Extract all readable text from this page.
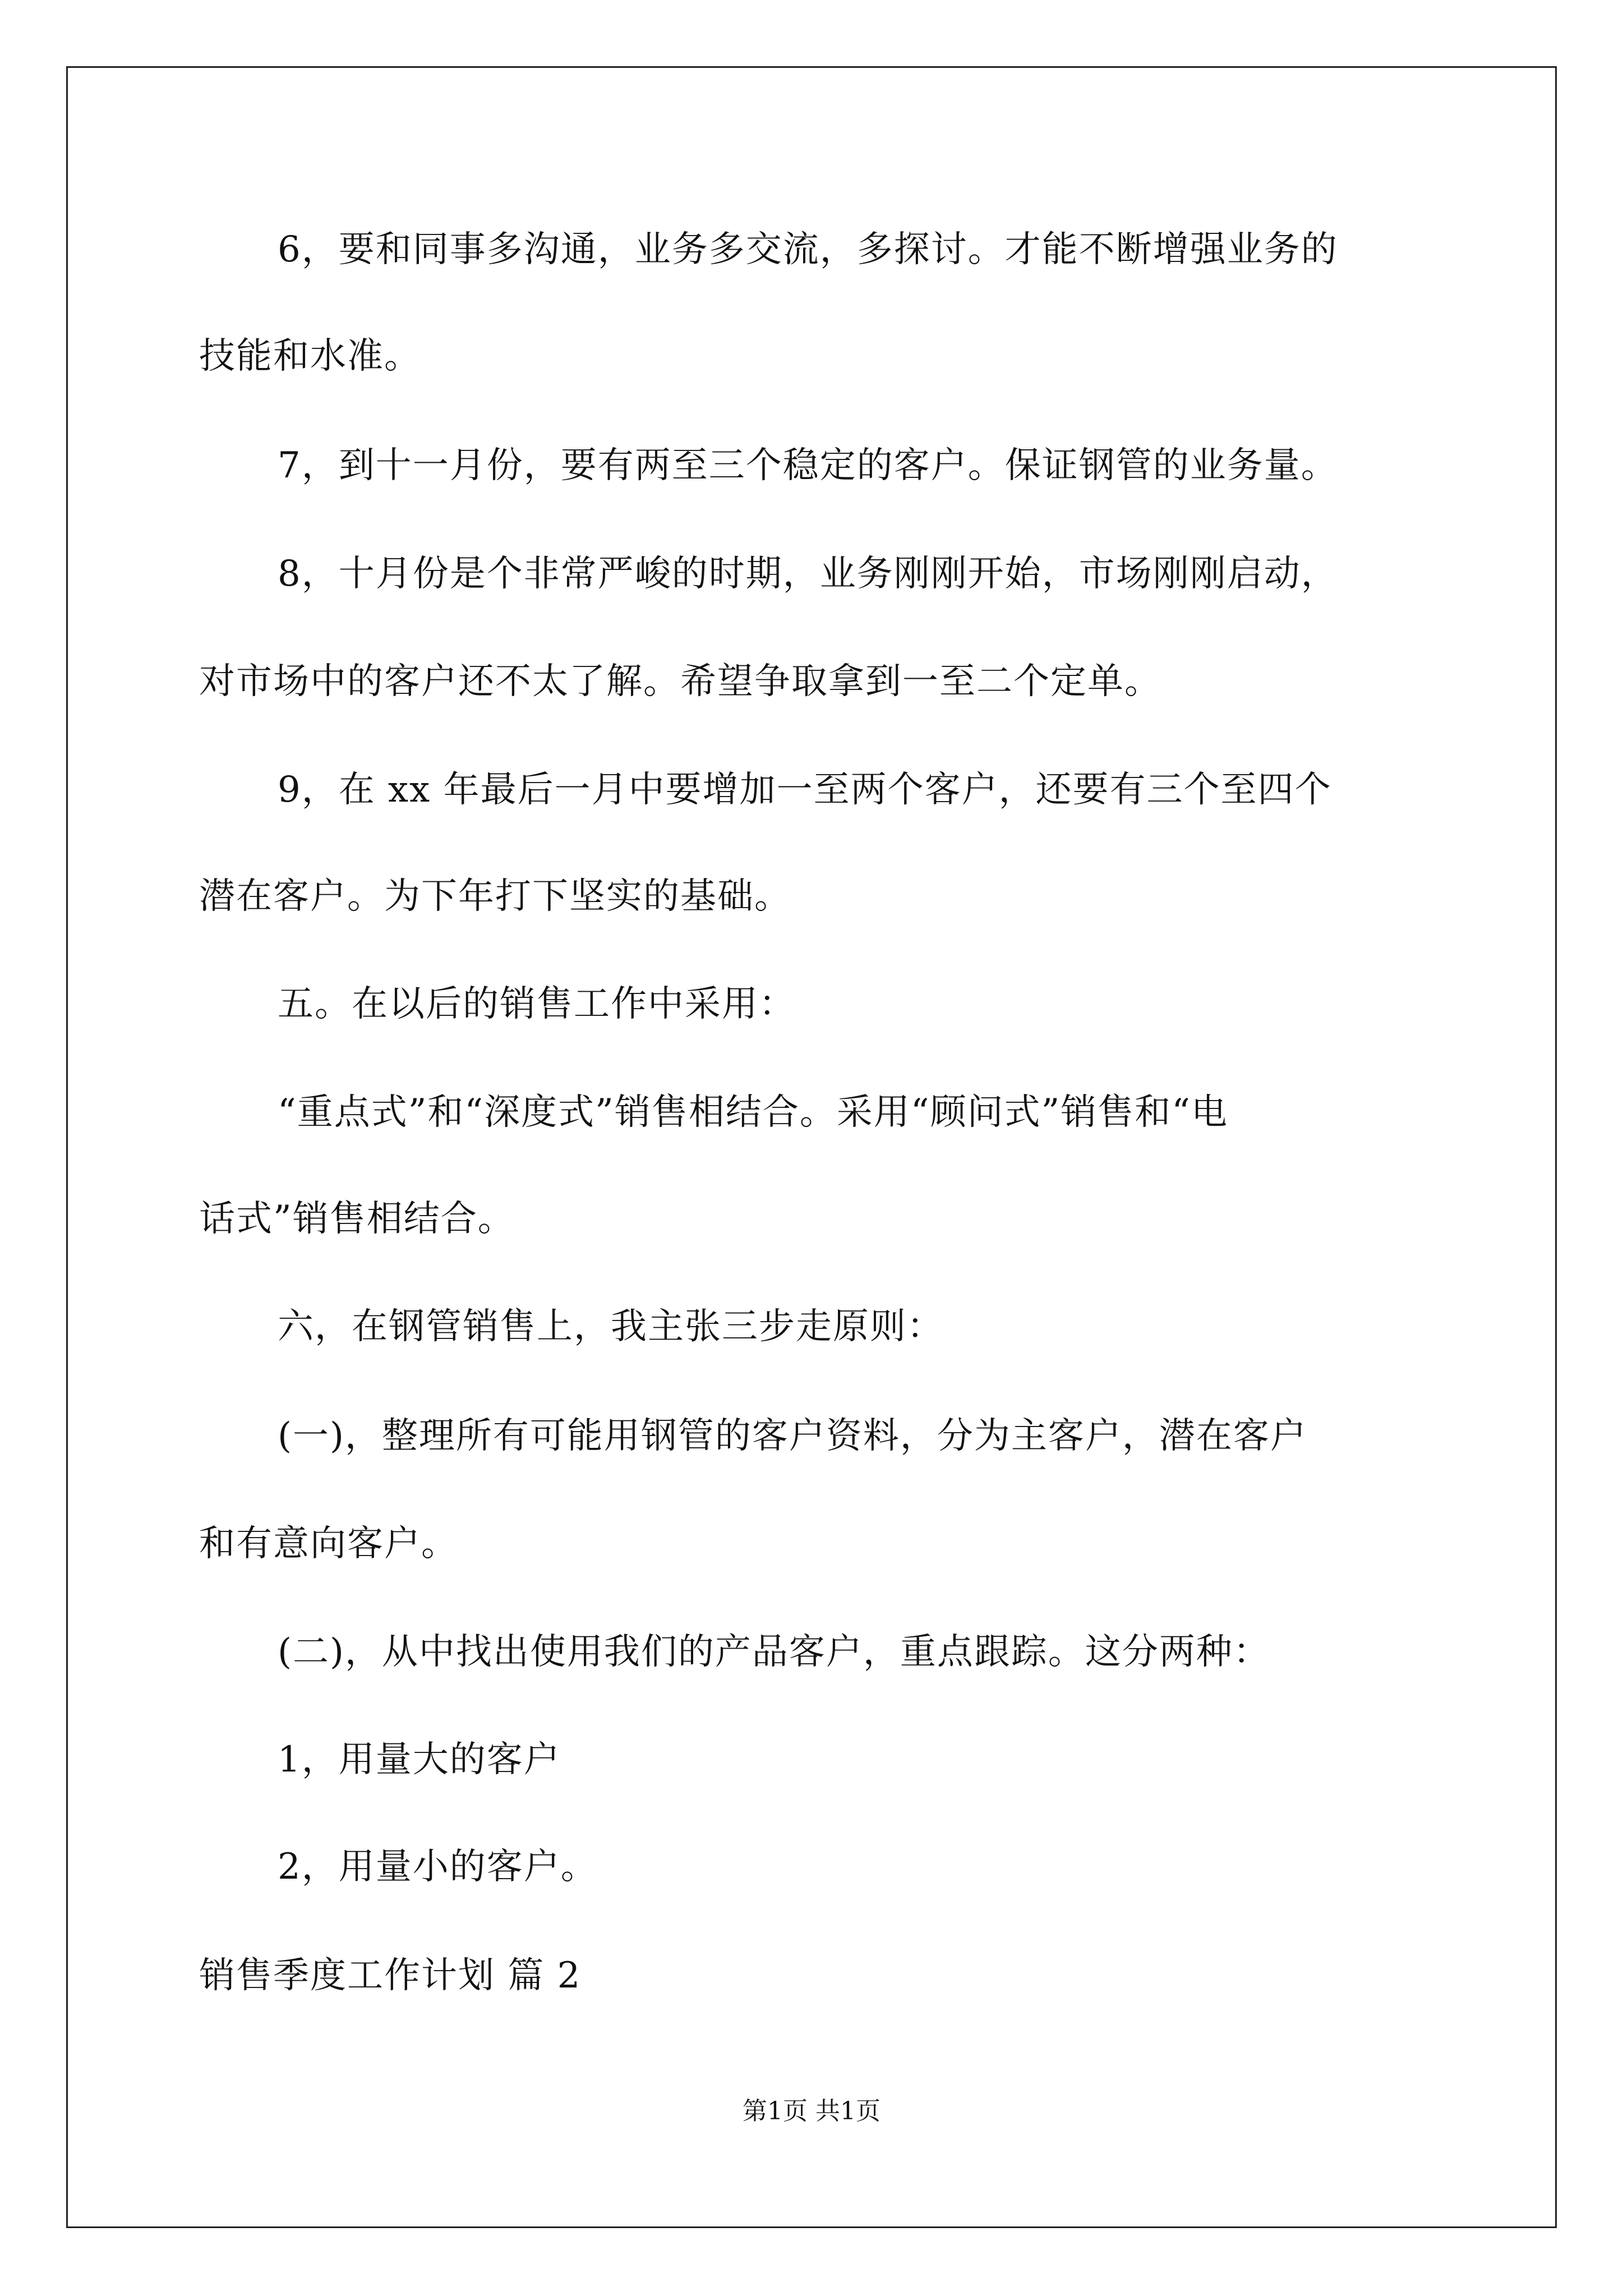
6，要和同事多沟通，业务多交流，多探讨。才能不断增强业务的
技能和水准。
7，到十一月份，要有两至三个稳定的客户。保证钢管的业务量。
8，十月份是个非常严峻的时期，业务刚刚开始，市场刚刚启动，
对市场中的客户还不太了解。希望争取拿到一至二个定单。
9，在 xx 年最后一月中要增加一至两个客户，还要有三个至四个
潜在客户。为下年打下坚实的基础。
五。在以后的销售工作中采用：
“重点式”和“深度式”销售相结合。采用“顾问式”销售和“电
话式”销售相结合。
六，在钢管销售上，我主张三步走原则：
(一)，整理所有可能用钢管的客户资料，分为主客户，潜在客户
和有意向客户。
(二)，从中找出使用我们的产品客户，重点跟踪。这分两种：
1，用量大的客户
2，用量小的客户。
销售季度工作计划 篇 2
第1页 共1页
